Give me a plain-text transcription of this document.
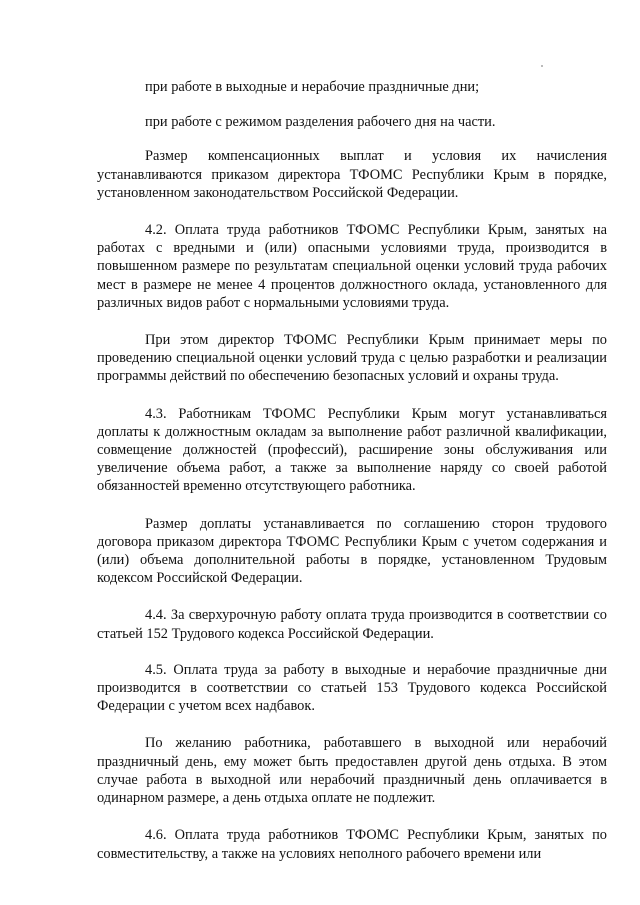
при работе в выходные и нерабочие праздничные дни;

при работе с режимом разделения рабочего дня на части.

Размер компенсационных выплат и условия их начисления устанавливаются приказом директора ТФОМС Республики Крым в порядке, установленном законодательством Российской Федерации.

4.2. Оплата труда работников ТФОМС Республики Крым, занятых на работах с вредными и (или) опасными условиями труда, производится в повышенном размере по результатам специальной оценки условий труда рабочих мест в размере не менее 4 процентов должностного оклада, установленного для различных видов работ с нормальными условиями труда.

При этом директор ТФОМС Республики Крым принимает меры по проведению специальной оценки условий труда с целью разработки и реализации программы действий по обеспечению безопасных условий и охраны труда.

4.3. Работникам ТФОМС Республики Крым могут устанавливаться доплаты к должностным окладам за выполнение работ различной квалификации, совмещение должностей (профессий), расширение зоны обслуживания или увеличение объема работ, а также за выполнение наряду со своей работой обязанностей временно отсутствующего работника.

Размер доплаты устанавливается по соглашению сторон трудового договора приказом директора ТФОМС Республики Крым с учетом содержания и (или) объема дополнительной работы в порядке, установленном Трудовым кодексом Российской Федерации.

4.4. За сверхурочную работу оплата труда производится в соответствии со статьей 152 Трудового кодекса Российской Федерации.

4.5. Оплата труда за работу в выходные и нерабочие праздничные дни производится в соответствии со статьей 153 Трудового кодекса Российской Федерации с учетом всех надбавок.

По желанию работника, работавшего в выходной или нерабочий праздничный день, ему может быть предоставлен другой день отдыха. В этом случае работа в выходной или нерабочий праздничный день оплачивается в одинарном размере, а день отдыха оплате не подлежит.

4.6. Оплата труда работников ТФОМС Республики Крым, занятых по совместительству, а также на условиях неполного рабочего времени или
